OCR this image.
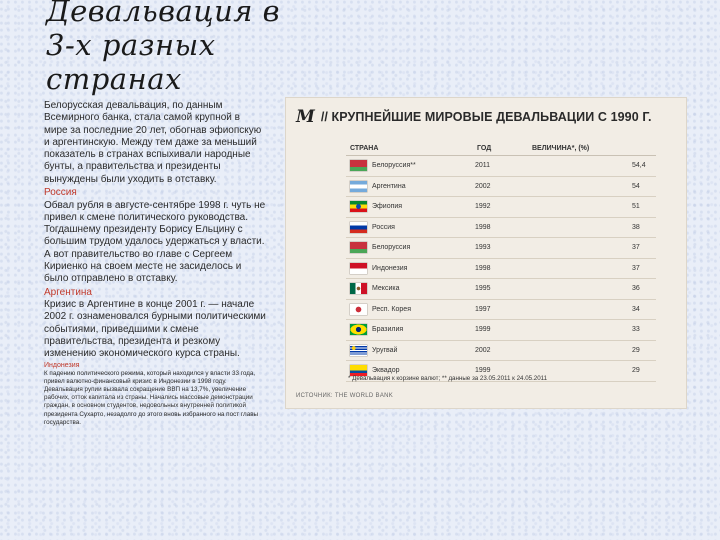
Девальвация в
3-х разных
странах

Белорусская девальвация, по данным Всемирного банка, стала самой крупной в мире за последние 20 лет, обогнав эфиопскую и аргентинскую. Между тем даже за меньший показатель в странах вспыхивали народные бунты, а правительства и президенты вынуждены были уходить в отставку.

Россия

Обвал рубля в августе-сентябре 1998 г. чуть не привел к смене политического руководства. Тогдашнему президенту Борису Ельцину с большим трудом удалось удержаться у власти. А вот правительство во главе с Сергеем Кириенко на своем месте не засиделось и было отправлено в отставку.

Аргентина

Кризис в Аргентине в конце 2001 г. — начале 2002 г. ознаменовался бурными политическими событиями, приведшими к смене правительства, президента и резкому изменению экономического курса страны.

Индонезия

К падению политического режима, который находился у власти 33 года, привел валютно-финансовый кризис в Индонезии в 1998 году. Девальвация рупии вызвала сокращение ВВП на 13,7%, увеличение рабочих, отток капитала из страны. Начались массовые демонстрации граждан, в основном студентов, недовольных внутренней политикой президента Сухарто, незадолго до этого вновь избранного на пост главы государства.

M // КРУПНЕЙШИЕ МИРОВЫЕ ДЕВАЛЬВАЦИИ С 1990 Г.
СТРАНА	ГОД	ВЕЛИЧИНА*, (%)
Белоруссия**	2011	54,4
Аргентина	2002	54
Эфиопия	1992	51
Россия	1998	38
Белоруссия	1993	37
Индонезия	1998	37
Мексика	1995	36
Респ. Корея	1997	34
Бразилия	1999	33
Уругвай	2002	29
Эквадор	1999	29
* Девальвация к корзине валют; ** данные за 23.05.2011 к 24.05.2011
ИСТОЧНИК: THE WORLD BANK
